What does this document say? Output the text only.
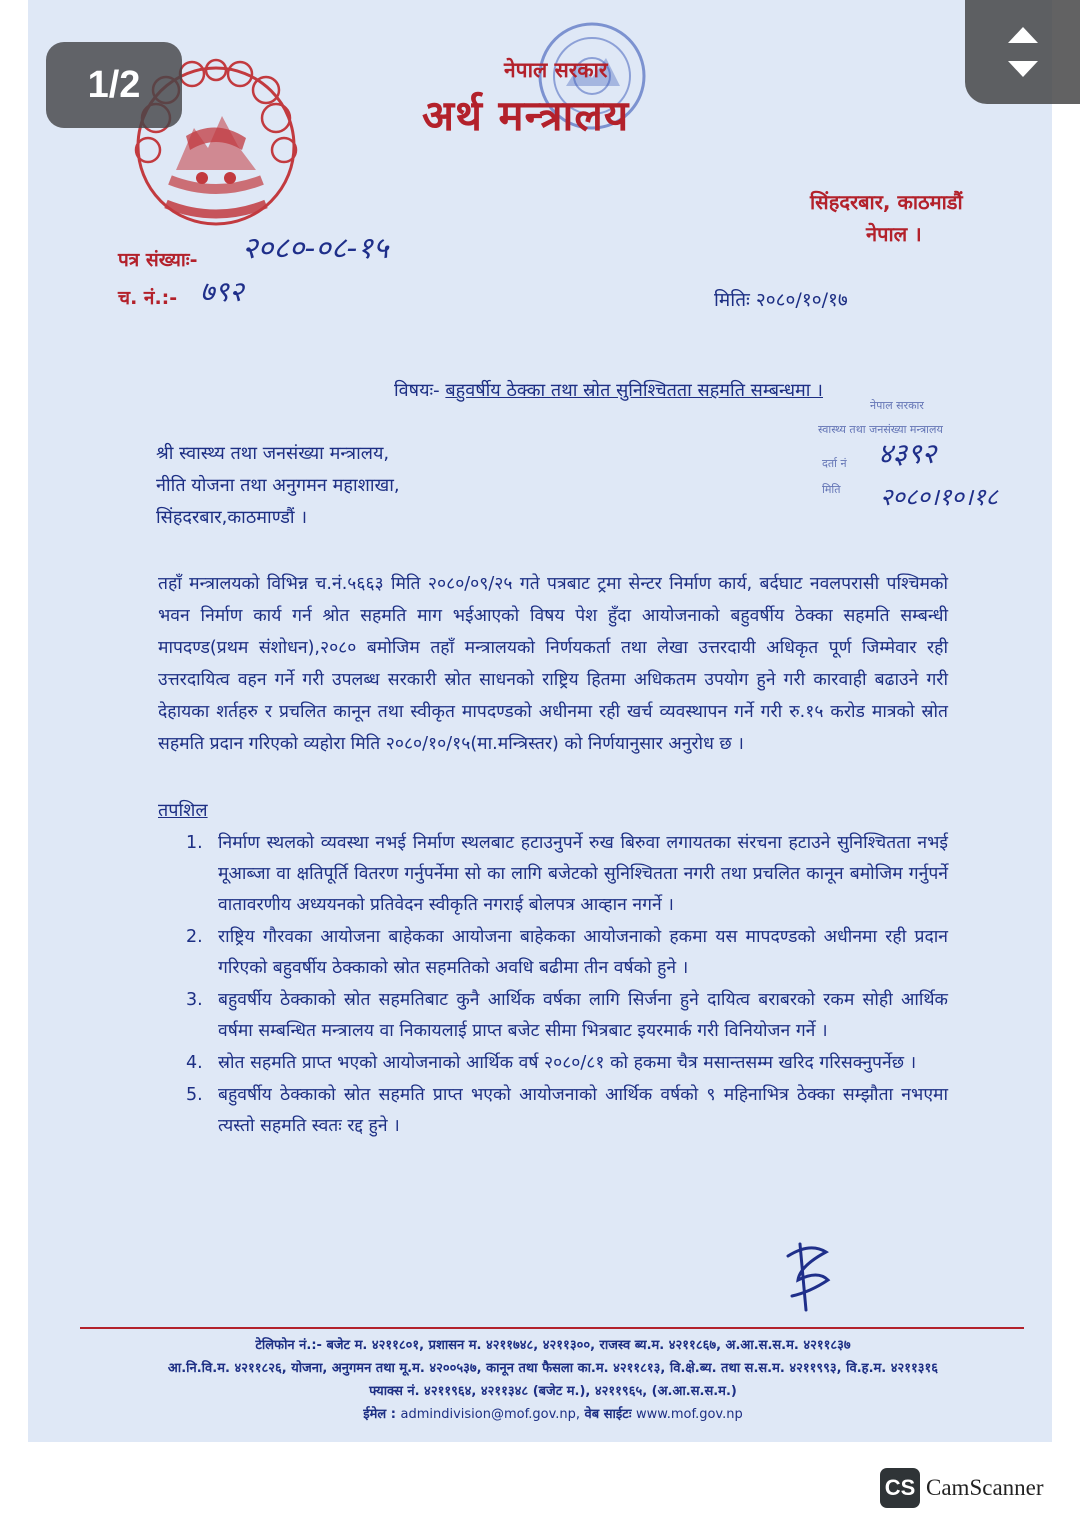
नेपाल सरकार
अर्थ मन्त्रालय
सिंहदरबार, काठमाडौं
नेपाल ।
पत्र संख्याः- २०८०-०८-१५
च. नं.:- ७९२	मितिः २०८०/१०/१७
विषयः- बहुवर्षीय ठेक्का तथा स्रोत सुनिश्चितता सहमति सम्बन्धमा ।
नेपाल सरकार
स्वास्थ्य तथा जनसंख्या मन्त्रालय
दर्ता नं ४३९२
मिति २०८०।१०।१८
श्री स्वास्थ्य तथा जनसंख्या मन्त्रालय,
नीति योजना तथा अनुगमन महाशाखा,
सिंहदरबार,काठमाण्डौं ।
तहाँ मन्त्रालयको विभिन्न च.नं.५६६३ मिति २०८०/०९/२५ गते पत्रबाट ट्रमा सेन्टर निर्माण कार्य, बर्दघाट नवलपरासी पश्चिमको भवन निर्माण कार्य गर्न श्रोत सहमति माग भईआएको विषय पेश हुँदा आयोजनाको बहुवर्षीय ठेक्का सहमति सम्बन्धी मापदण्ड(प्रथम संशोधन),२०८० बमोजिम तहाँ मन्त्रालयको निर्णयकर्ता तथा लेखा उत्तरदायी अधिकृत पूर्ण जिम्मेवार रही उत्तरदायित्व वहन गर्ने गरी उपलब्ध सरकारी स्रोत साधनको राष्ट्रिय हितमा अधिकतम उपयोग हुने गरी कारवाही बढाउने गरी देहायका शर्तहरु र प्रचलित कानून तथा स्वीकृत मापदण्डको अधीनमा रही खर्च व्यवस्थापन गर्ने गरी रु.१५ करोड मात्रको स्रोत सहमति प्रदान गरिएको व्यहोरा मिति २०८०/१०/१५(मा.मन्त्रिस्तर) को निर्णयानुसार अनुरोध छ ।
तपशिल
1. निर्माण स्थलको व्यवस्था नभई निर्माण स्थलबाट हटाउनुपर्ने रुख बिरुवा लगायतका संरचना हटाउने सुनिश्चितता नभई मूआब्जा वा क्षतिपूर्ति वितरण गर्नुपर्नेमा सो का लागि बजेटको सुनिश्चितता नगरी तथा प्रचलित कानून बमोजिम गर्नुपर्ने वातावरणीय अध्ययनको प्रतिवेदन स्वीकृति नगराई बोलपत्र आव्हान नगर्ने ।
2. राष्ट्रिय गौरवका आयोजना बाहेकका आयोजना बाहेकका आयोजनाको हकमा यस मापदण्डको अधीनमा रही प्रदान गरिएको बहुवर्षीय ठेक्काको स्रोत सहमतिको अवधि बढीमा तीन वर्षको हुने ।
3. बहुवर्षीय ठेक्काको स्रोत सहमतिबाट कुनै आर्थिक वर्षका लागि सिर्जना हुने दायित्व बराबरको रकम सोही आर्थिक वर्षमा सम्बन्धित मन्त्रालय वा निकायलाई प्राप्त बजेट सीमा भित्रबाट इयरमार्क गरी विनियोजन गर्ने ।
4. स्रोत सहमति प्राप्त भएको आयोजनाको आर्थिक वर्ष २०८०/८१ को हकमा चैत्र मसान्तसम्म खरिद गरिसक्नुपर्नेछ ।
5. बहुवर्षीय ठेक्काको स्रोत सहमति प्राप्त भएको आयोजनाको आर्थिक वर्षको ९ महिनाभित्र ठेक्का सम्झौता नभएमा त्यस्तो सहमति स्वतः रद्द हुने ।
टेलिफोन नं.:- बजेट म. ४२११८०१, प्रशासन म. ४२११७४८, ४२११३००, राजस्व ब्य.म. ४२११८६७, अ.आ.स.स.म. ४२११८३७
आ.नि.वि.म. ४२११८२६, योजना, अनुगमन तथा मू.म. ४२००५३७, कानून तथा फैसला का.म. ४२११८१३, वि.क्षे.ब्य. तथा स.स.म. ४२११९९३, वि.ह.म. ४२११३१६
फ्याक्स नं. ४२११९६४, ४२११३४८ (बजेट म.), ४२११९६५, (अ.आ.स.स.म.)
ईमेल : admindivision@mof.gov.np, वेब साईटः www.mof.gov.np
1/2
CS CamScanner
